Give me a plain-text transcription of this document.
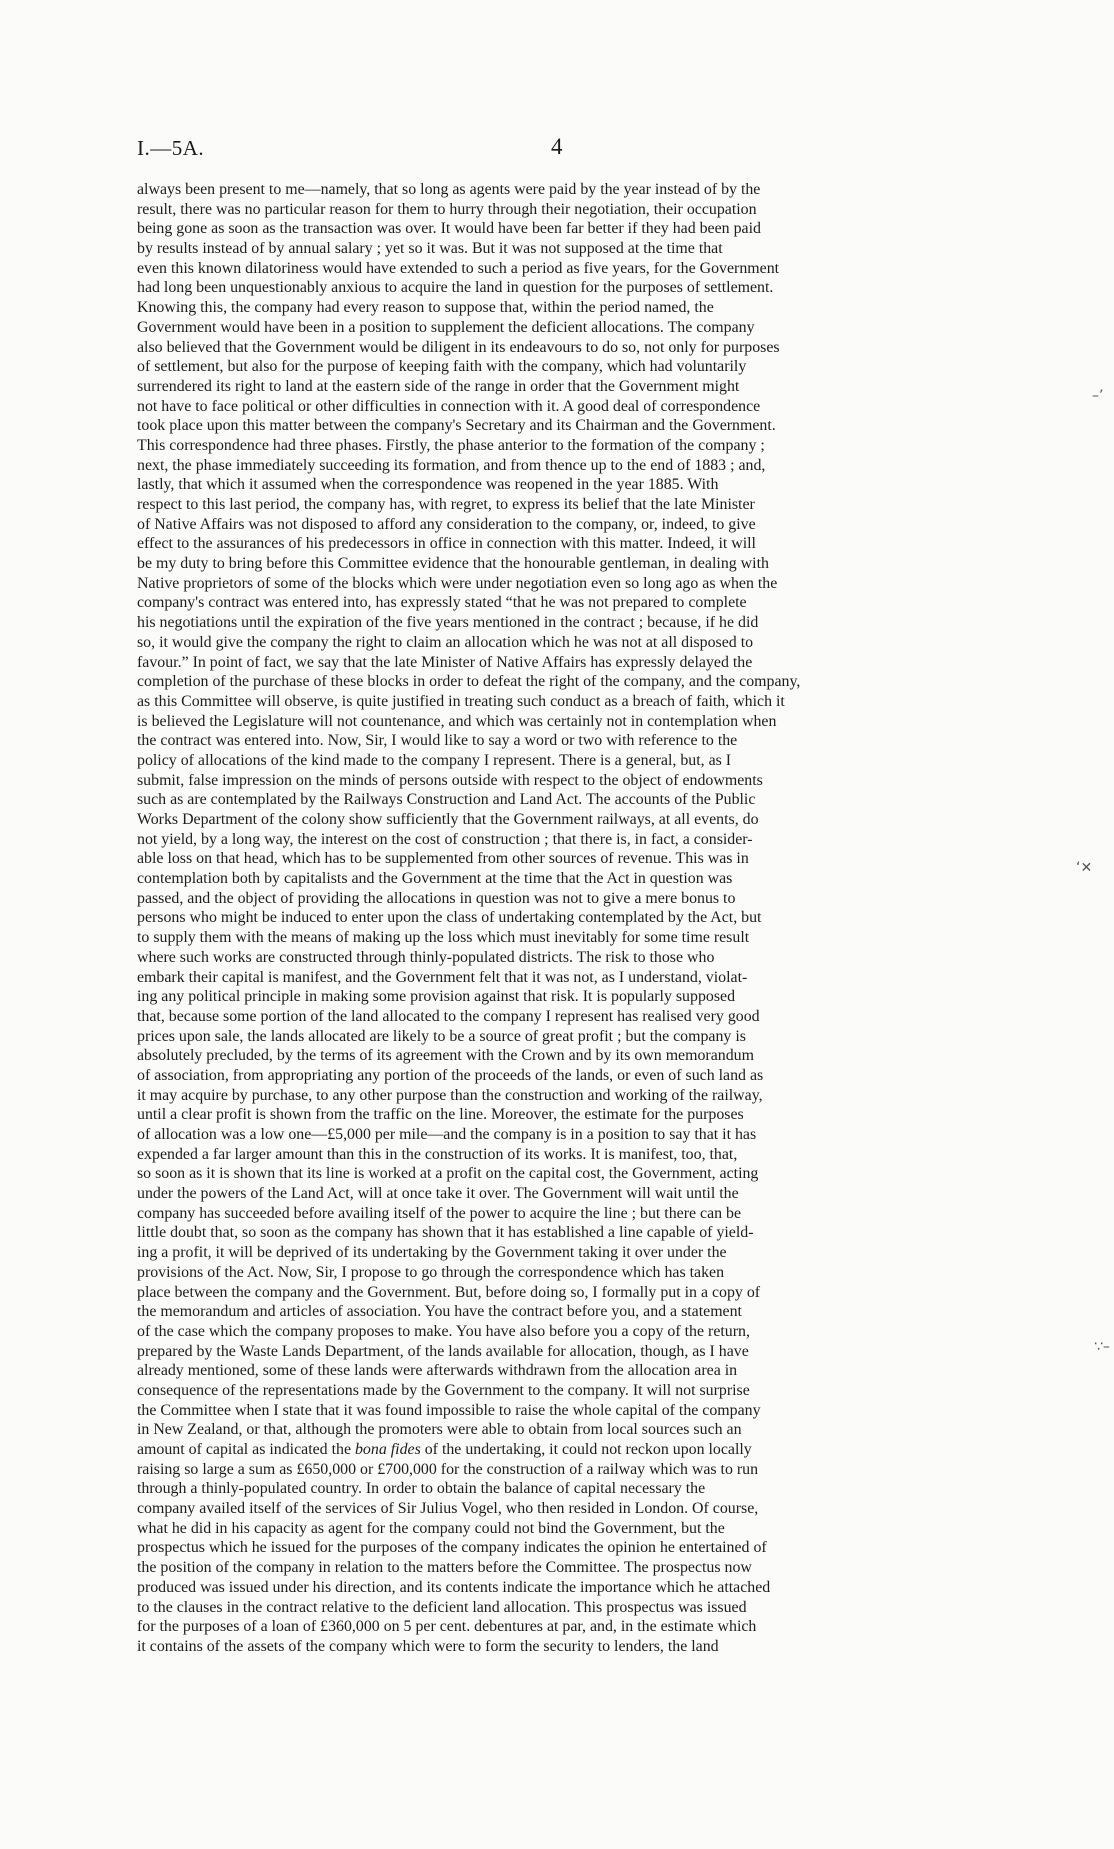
I.—5A.	4
always been present to me—namely, that so long as agents were paid by the year instead of by the
result, there was no particular reason for them to hurry through their negotiation, their occupation
being gone as soon as the transaction was over. It would have been far better if they had been paid
by results instead of by annual salary ; yet so it was. But it was not supposed at the time that
even this known dilatoriness would have extended to such a period as five years, for the Government
had long been unquestionably anxious to acquire the land in question for the purposes of settlement.
Knowing this, the company had every reason to suppose that, within the period named, the
Government would have been in a position to supplement the deficient allocations. The company
also believed that the Government would be diligent in its endeavours to do so, not only for purposes
of settlement, but also for the purpose of keeping faith with the company, which had voluntarily
surrendered its right to land at the eastern side of the range in order that the Government might
not have to face political or other difficulties in connection with it. A good deal of correspondence
took place upon this matter between the company's Secretary and its Chairman and the Government.
This correspondence had three phases. Firstly, the phase anterior to the formation of the company ;
next, the phase immediately succeeding its formation, and from thence up to the end of 1883 ; and,
lastly, that which it assumed when the correspondence was reopened in the year 1885. With
respect to this last period, the company has, with regret, to express its belief that the late Minister
of Native Affairs was not disposed to afford any consideration to the company, or, indeed, to give
effect to the assurances of his predecessors in office in connection with this matter. Indeed, it will
be my duty to bring before this Committee evidence that the honourable gentleman, in dealing with
Native proprietors of some of the blocks which were under negotiation even so long ago as when the
company's contract was entered into, has expressly stated “that he was not prepared to complete
his negotiations until the expiration of the five years mentioned in the contract ; because, if he did
so, it would give the company the right to claim an allocation which he was not at all disposed to
favour.” In point of fact, we say that the late Minister of Native Affairs has expressly delayed the
completion of the purchase of these blocks in order to defeat the right of the company, and the company,
as this Committee will observe, is quite justified in treating such conduct as a breach of faith, which it
is believed the Legislature will not countenance, and which was certainly not in contemplation when
the contract was entered into. Now, Sir, I would like to say a word or two with reference to the
policy of allocations of the kind made to the company I represent. There is a general, but, as I
submit, false impression on the minds of persons outside with respect to the object of endowments
such as are contemplated by the Railways Construction and Land Act. The accounts of the Public
Works Department of the colony show sufficiently that the Government railways, at all events, do
not yield, by a long way, the interest on the cost of construction ; that there is, in fact, a consider-
able loss on that head, which has to be supplemented from other sources of revenue. This was in
contemplation both by capitalists and the Government at the time that the Act in question was
passed, and the object of providing the allocations in question was not to give a mere bonus to
persons who might be induced to enter upon the class of undertaking contemplated by the Act, but
to supply them with the means of making up the loss which must inevitably for some time result
where such works are constructed through thinly-populated districts. The risk to those who
embark their capital is manifest, and the Government felt that it was not, as I understand, violat-
ing any political principle in making some provision against that risk. It is popularly supposed
that, because some portion of the land allocated to the company I represent has realised very good
prices upon sale, the lands allocated are likely to be a source of great profit ; but the company is
absolutely precluded, by the terms of its agreement with the Crown and by its own memorandum
of association, from appropriating any portion of the proceeds of the lands, or even of such land as
it may acquire by purchase, to any other purpose than the construction and working of the railway,
until a clear profit is shown from the traffic on the line. Moreover, the estimate for the purposes
of allocation was a low one—£5,000 per mile—and the company is in a position to say that it has
expended a far larger amount than this in the construction of its works. It is manifest, too, that,
so soon as it is shown that its line is worked at a profit on the capital cost, the Government, acting
under the powers of the Land Act, will at once take it over. The Government will wait until the
company has succeeded before availing itself of the power to acquire the line ; but there can be
little doubt that, so soon as the company has shown that it has established a line capable of yield-
ing a profit, it will be deprived of its undertaking by the Government taking it over under the
provisions of the Act. Now, Sir, I propose to go through the correspondence which has taken
place between the company and the Government. But, before doing so, I formally put in a copy of
the memorandum and articles of association. You have the contract before you, and a statement
of the case which the company proposes to make. You have also before you a copy of the return,
prepared by the Waste Lands Department, of the lands available for allocation, though, as I have
already mentioned, some of these lands were afterwards withdrawn from the allocation area in
consequence of the representations made by the Government to the company. It will not surprise
the Committee when I state that it was found impossible to raise the whole capital of the company
in New Zealand, or that, although the promoters were able to obtain from local sources such an
amount of capital as indicated the bona fides of the undertaking, it could not reckon upon locally
raising so large a sum as £650,000 or £700,000 for the construction of a railway which was to run
through a thinly-populated country. In order to obtain the balance of capital necessary the
company availed itself of the services of Sir Julius Vogel, who then resided in London. Of course,
what he did in his capacity as agent for the company could not bind the Government, but the
prospectus which he issued for the purposes of the company indicates the opinion he entertained of
the position of the company in relation to the matters before the Committee. The prospectus now
produced was issued under his direction, and its contents indicate the importance which he attached
to the clauses in the contract relative to the deficient land allocation. This prospectus was issued
for the purposes of a loan of £360,000 on 5 per cent. debentures at par, and, in the estimate which
it contains of the assets of the company which were to form the security to lenders, the land
–’
‘✕
∵–
